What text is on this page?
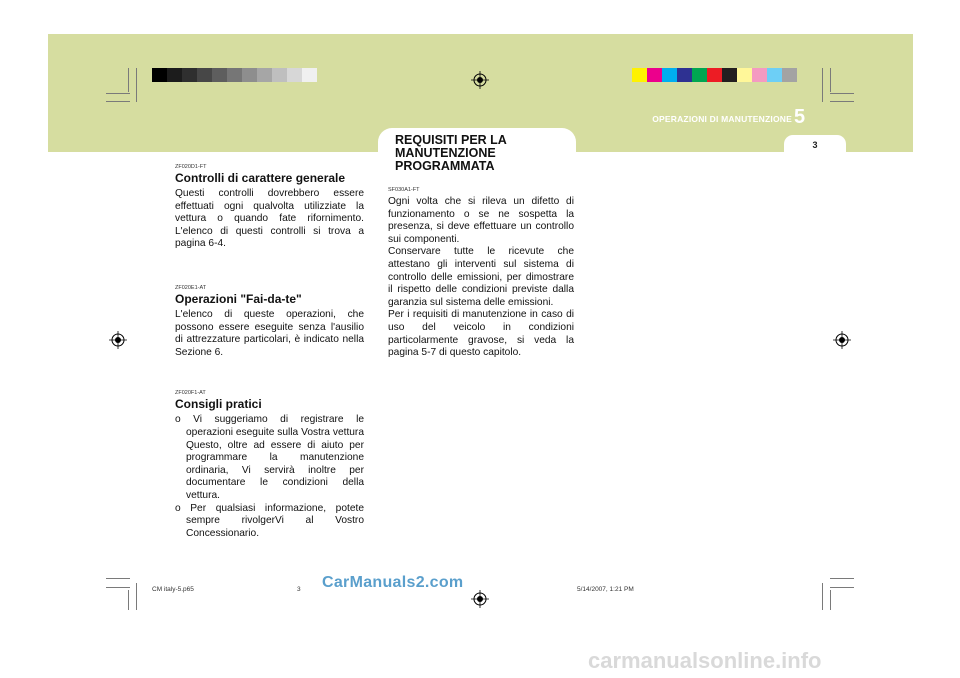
OPERAZIONI DI MANUTENZIONE 5
3
REQUISITI PER LA MANUTENZIONE PROGRAMMATA
ZF020D1-FT
Controlli di carattere generale

Questi controlli dovrebbero essere effettuati ogni qualvolta utilizziate la vettura o quando fate rifornimento. L'elenco di questi controlli si trova a pagina 6-4.

ZF020E1-AT
Operazioni "Fai-da-te"

L'elenco di queste operazioni, che possono essere eseguite senza l'ausilio di attrezzature particolari, è indicato nella Sezione 6.

ZF020F1-AT
Consigli pratici

o Vi suggeriamo di registrare le operazioni eseguite sulla Vostra vettura Questo, oltre ad essere di aiuto per programmare la manutenzione ordinaria, Vi servirà inoltre per documentare le condizioni della vettura.

o Per qualsiasi informazione, potete sempre rivolgerVi al Vostro Concessionario.

SF030A1-FT

Ogni volta che si rileva un difetto di funzionamento o se ne sospetta la presenza, si deve effettuare un controllo sui componenti.

Conservare tutte le ricevute che attestano gli interventi sul sistema di controllo delle emissioni, per dimostrare il rispetto delle condizioni previste dalla garanzia sul sistema delle emissioni.

Per i requisiti di manutenzione in caso di uso del veicolo in condizioni particolarmente gravose, si veda la pagina 5-7 di questo capitolo.

CM italy-5.p65	3	5/14/2007, 1:21 PM
CarManuals2.com
carmanualsonline.info
